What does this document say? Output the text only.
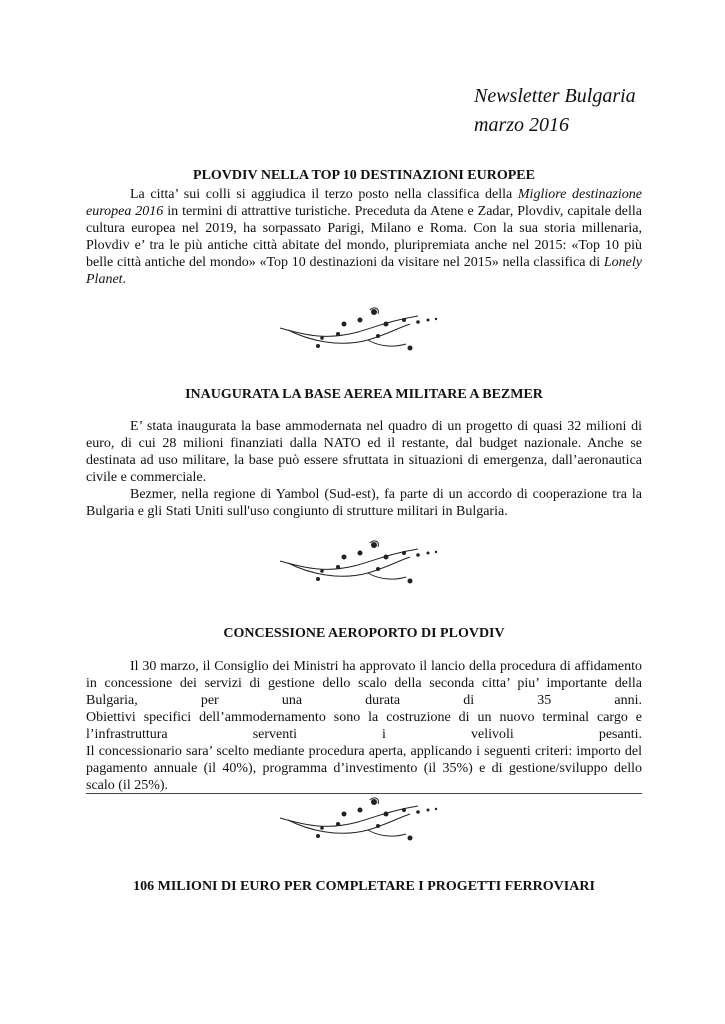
Newsletter Bulgaria
marzo 2016
PLOVDIV NELLA TOP 10 DESTINAZIONI EUROPEE

La citta’ sui colli si aggiudica il terzo posto nella classifica della Migliore destinazione europea 2016 in termini di attrattive turistiche. Preceduta da Atene e Zadar, Plovdiv, capitale della cultura europea nel 2019, ha sorpassato Parigi, Milano e Roma. Con la sua storia millenaria, Plovdiv e’ tra le più antiche città abitate del mondo, pluripremiata anche nel 2015: «Top 10 più belle città antiche del mondo» «Top 10 destinazioni da visitare nel 2015» nella classifica di Lonely Planet.

INAUGURATA LA BASE AEREA MILITARE A BEZMER

E’ stata inaugurata la base ammodernata nel quadro di un progetto di quasi 32 milioni di euro, di cui 28 milioni finanziati dalla NATO ed il restante, dal budget nazionale. Anche se destinata ad uso militare, la base può essere sfruttata in situazioni di emergenza, dall’aeronautica civile e commerciale.

Bezmer, nella regione di Yambol (Sud-est), fa parte di un accordo di cooperazione tra la Bulgaria e gli Stati Uniti sull'uso congiunto di strutture militari in Bulgaria.

CONCESSIONE AEROPORTO DI PLOVDIV

Il 30 marzo, il Consiglio dei Ministri ha approvato il lancio della procedura di affidamento in concessione dei servizi di gestione dello scalo della seconda citta’ piu’ importante della Bulgaria, per una durata di 35 anni.

Obiettivi specifici dell’ammodernamento sono la costruzione di un nuovo terminal cargo e l’infrastruttura serventi i velivoli pesanti.

Il concessionario sara’ scelto mediante procedura aperta, applicando i seguenti criteri: importo del pagamento annuale (il 40%), programma d’investimento (il 35%) e di gestione/sviluppo dello scalo (il 25%).

106 MILIONI DI EURO PER COMPLETARE I PROGETTI FERROVIARI
